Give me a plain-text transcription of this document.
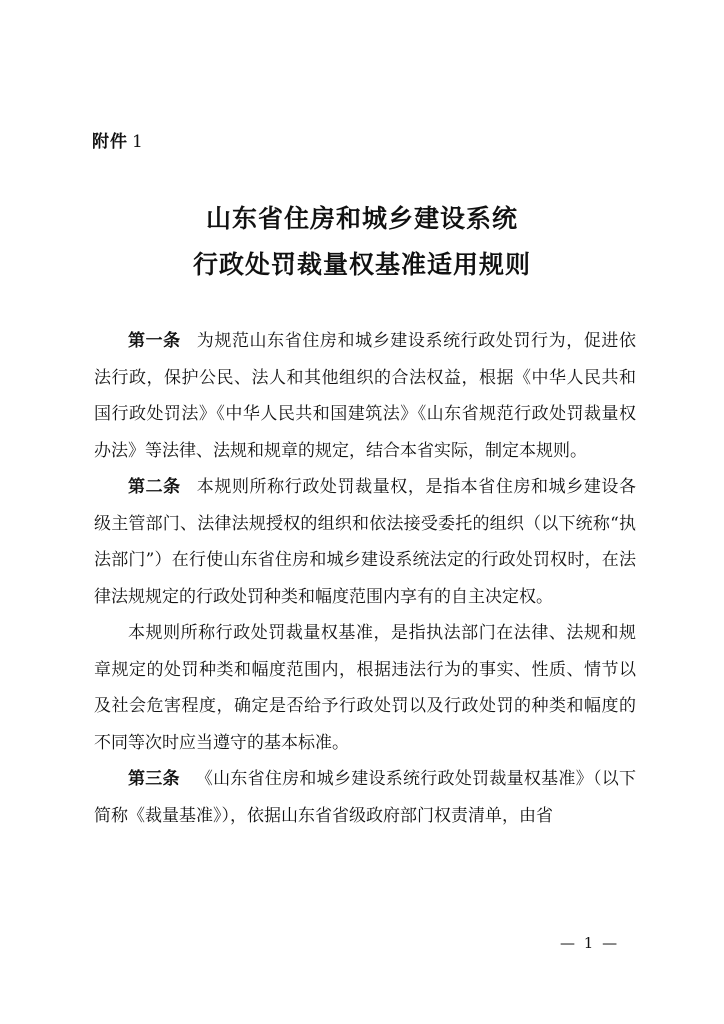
附件 1
山东省住房和城乡建设系统
行政处罚裁量权基准适用规则

第一条 为规范山东省住房和城乡建设系统行政处罚行为，促进依法行政，保护公民、法人和其他组织的合法权益，根据《中华人民共和国行政处罚法》《中华人民共和国建筑法》《山东省规范行政处罚裁量权办法》等法律、法规和规章的规定，结合本省实际，制定本规则。

第二条 本规则所称行政处罚裁量权，是指本省住房和城乡建设各级主管部门、法律法规授权的组织和依法接受委托的组织（以下统称“执法部门”）在行使山东省住房和城乡建设系统法定的行政处罚权时，在法律法规规定的行政处罚种类和幅度范围内享有的自主决定权。

本规则所称行政处罚裁量权基准，是指执法部门在法律、法规和规章规定的处罚种类和幅度范围内，根据违法行为的事实、性质、情节以及社会危害程度，确定是否给予行政处罚以及行政处罚的种类和幅度的不同等次时应当遵守的基本标准。

第三条 《山东省住房和城乡建设系统行政处罚裁量权基准》（以下简称《裁量基准》），依据山东省省级政府部门权责清单，由省

— 1 —
